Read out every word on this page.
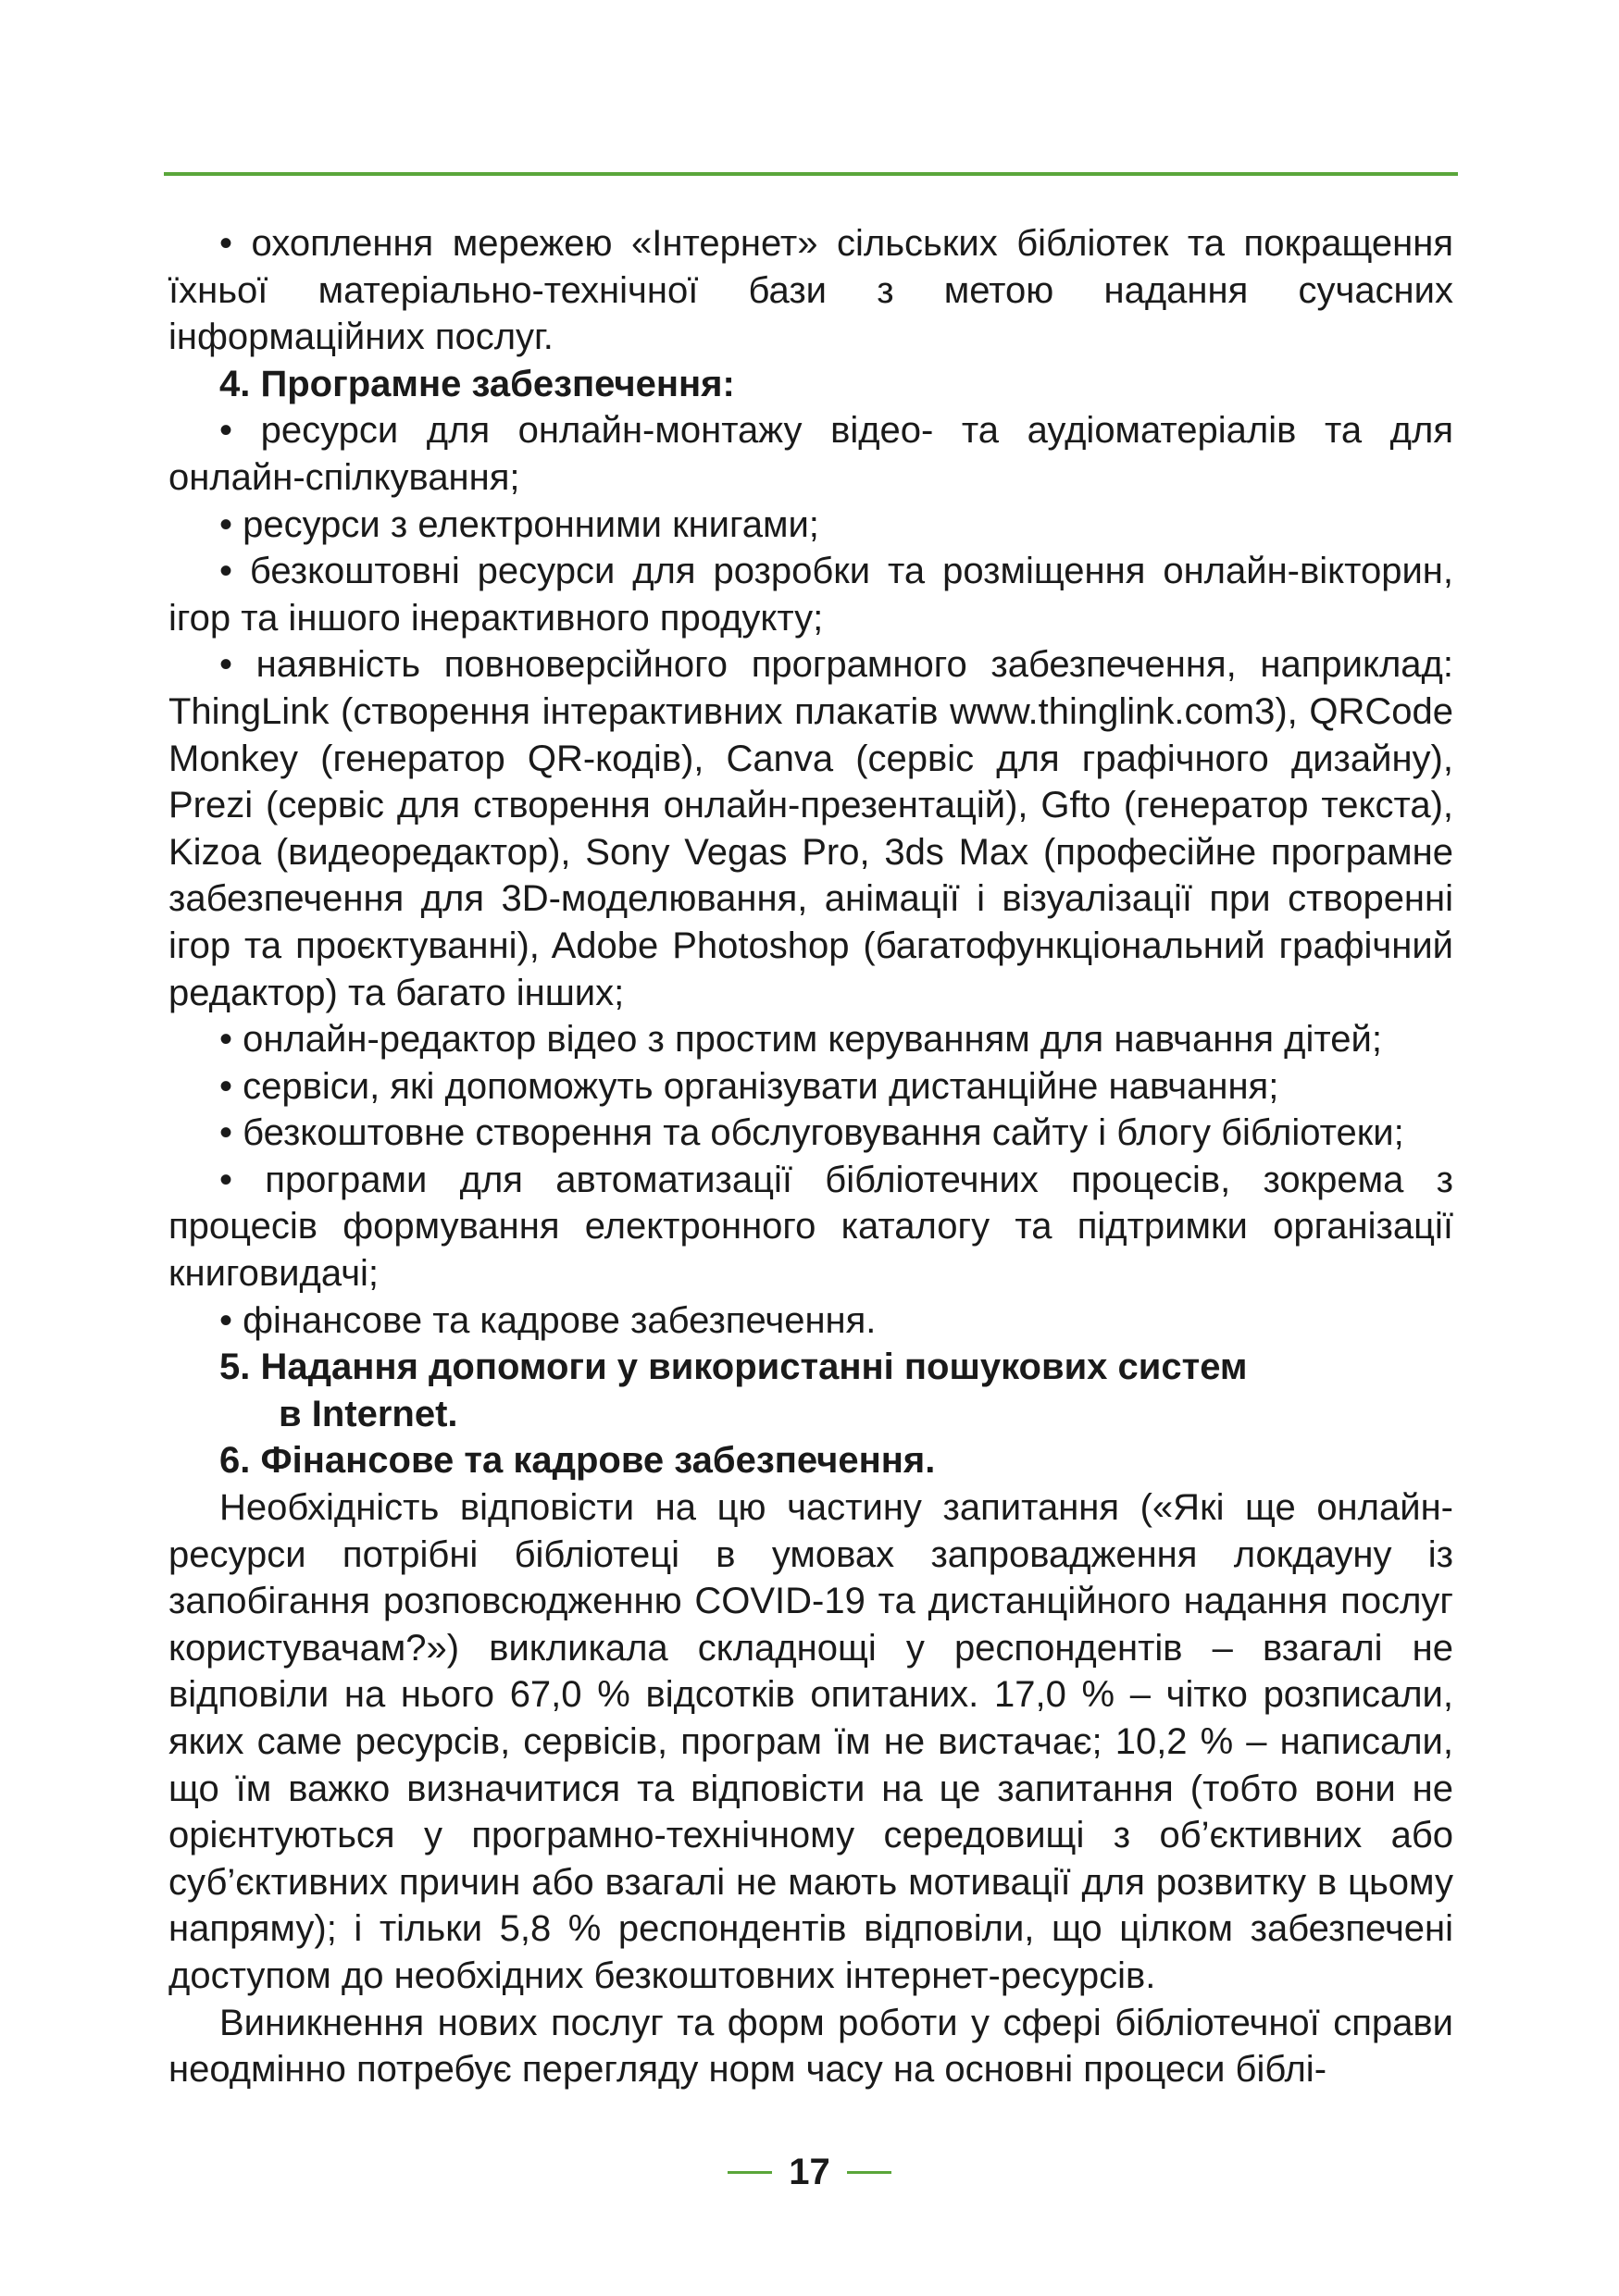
• охоплення мережею «Інтернет» сільських бібліотек та покращення їхньої матеріально-технічної бази з метою надання сучасних інформаційних послуг.

4. Програмне забезпечення:

• ресурси для онлайн-монтажу відео- та аудіоматеріалів та для онлайн-спілкування;

• ресурси з електронними книгами;

• безкоштовні ресурси для розробки та розміщення онлайн-вікторин, ігор та іншого інерактивного продукту;

• наявність повноверсійного програмного забезпечення, наприклад: ThingLink (створення інтерактивних плакатів www.thinglink.com3), QRCode Monkey (генератор QR-кодів), Canva (сервіс для графічного дизайну), Prezi (сервіс для створення онлайн-презентацій), Gfto (генератор текста), Kizoa (видеоредактор), Sony Vegas Pro, 3ds Max (професійне програмне забезпечення для 3D-моделювання, анімації і візуалізації при створенні ігор та проєктуванні), Adobe Photoshop (багатофункціональний графічний редактор) та багато інших;

• онлайн-редактор відео з простим керуванням для навчання дітей;

• сервіси, які допоможуть організувати дистанційне навчання;

• безкоштовне створення та обслуговування сайту і блогу бібліотеки;

• програми для автоматизації бібліотечних процесів, зокрема з процесів формування електронного каталогу та підтримки організації книговидачі;

• фінансове та кадрове забезпечення.

5. Надання допомоги у використанні пошукових систем

в Internet.

6. Фінансове та кадрове забезпечення.

Необхідність відповісти на цю частину запитання («Які ще онлайн-ресурси потрібні бібліотеці в умовах запровадження локдауну із запобігання розповсюдженню COVID-19 та дистанційного надання послуг користувачам?») викликала складнощі у респондентів – взагалі не відповіли на нього 67,0 % відсотків опитаних. 17,0 % – чітко розписали, яких саме ресурсів, сервісів, програм їм не вистачає; 10,2 % – написали, що їм важко визначитися та відповісти на це запитання (тобто вони не орієнтуються у програмно-технічному середовищі з об’єктивних або суб’єктивних причин або взагалі не мають мотивації для розвитку в цьому напряму); і тільки 5,8 % респондентів відповіли, що цілком забезпечені доступом до необхідних безкоштовних інтернет-ресурсів.

Виникнення нових послуг та форм роботи у сфері бібліотечної справи неодмінно потребує перегляду норм часу на основні процеси біблі-

17
